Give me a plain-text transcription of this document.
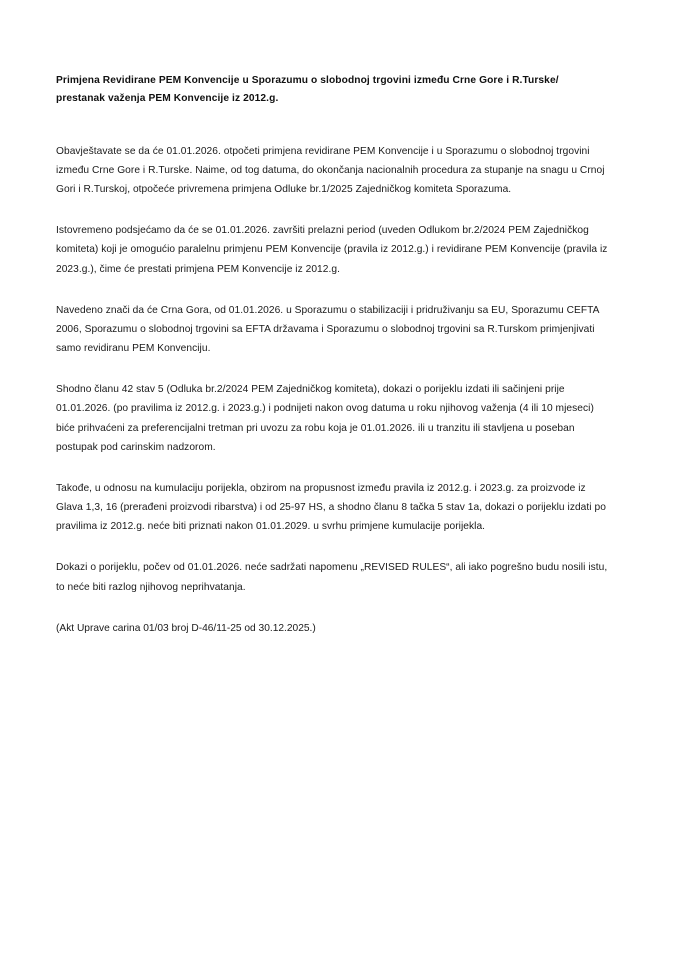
Primjena Revidirane PEM Konvencije u Sporazumu o slobodnoj trgovini između Crne Gore i R.Turske/
prestanak važenja PEM Konvencije iz 2012.g.

Obavještavate se da će 01.01.2026. otpočeti primjena revidirane PEM Konvencije i u Sporazumu o slobodnoj trgovini između Crne Gore i R.Turske. Naime, od tog datuma, do okončanja nacionalnih procedura za stupanje na snagu u Crnoj Gori i R.Turskoj, otpočeće privremena primjena Odluke br.1/2025 Zajedničkog komiteta Sporazuma.

Istovremeno podsjećamo da će se 01.01.2026. završiti prelazni period (uveden Odlukom br.2/2024 PEM Zajedničkog komiteta) koji je omogućio paralelnu primjenu PEM Konvencije (pravila iz 2012.g.) i revidirane PEM Konvencije (pravila iz 2023.g.), čime će prestati primjena PEM Konvencije iz 2012.g.

Navedeno znači da će Crna Gora, od 01.01.2026. u Sporazumu o stabilizaciji i pridruživanju sa EU, Sporazumu CEFTA 2006, Sporazumu o slobodnoj trgovini sa EFTA državama i Sporazumu o slobodnoj trgovini sa R.Turskom primjenjivati samo revidiranu PEM Konvenciju.

Shodno članu 42 stav 5 (Odluka br.2/2024 PEM Zajedničkog komiteta), dokazi o porijeklu izdati ili sačinjeni prije 01.01.2026. (po pravilima iz 2012.g. i 2023.g.) i podnijeti nakon ovog datuma u roku njihovog važenja (4 ili 10 mjeseci) biće prihvaćeni za preferencijalni tretman pri uvozu za robu koja je 01.01.2026. ili u tranzitu ili stavljena u poseban postupak pod carinskim nadzorom.

Takođe, u odnosu na kumulaciju porijekla, obzirom na propusnost između pravila iz 2012.g. i 2023.g. za proizvode iz Glava 1,3, 16 (prerađeni proizvodi ribarstva) i od 25-97 HS, a shodno članu 8 tačka 5 stav 1a, dokazi o porijeklu izdati po pravilima iz 2012.g. neće biti priznati nakon 01.01.2029. u svrhu primjene kumulacije porijekla.

Dokazi o porijeklu, počev od 01.01.2026. neće sadržati napomenu „REVISED RULES“, ali iako pogrešno budu nosili istu, to neće biti razlog njihovog neprihvatanja.

(Akt Uprave carina 01/03 broj D-46/11-25 od 30.12.2025.)
